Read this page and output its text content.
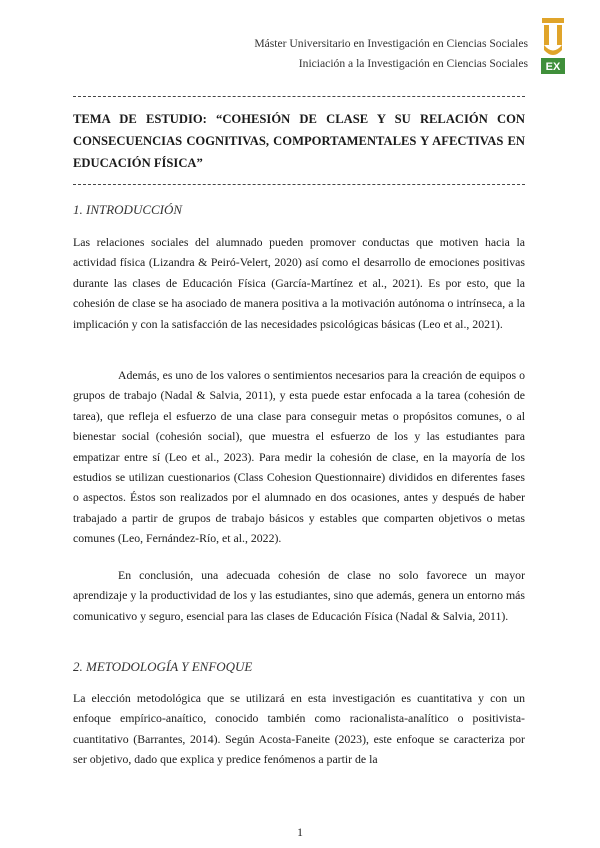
Máster Universitario en Investigación en Ciencias Sociales
Iniciación a la Investigación en Ciencias Sociales EX
TEMA DE ESTUDIO: “COHESIÓN DE CLASE Y SU RELACIÓN CON CONSECUENCIAS COGNITIVAS, COMPORTAMENTALES Y AFECTIVAS EN EDUCACIÓN FÍSICA”
1. INTRODUCCIÓN

Las relaciones sociales del alumnado pueden promover conductas que motiven hacia la actividad física (Lizandra & Peiró-Velert, 2020) así como el desarrollo de emociones positivas durante las clases de Educación Física (García-Martínez et al., 2021). Es por esto, que la cohesión de clase se ha asociado de manera positiva a la motivación autónoma o intrínseca, a la implicación y con la satisfacción de las necesidades psicológicas básicas (Leo et al., 2021).

Además, es uno de los valores o sentimientos necesarios para la creación de equipos o grupos de trabajo (Nadal & Salvia, 2011), y esta puede estar enfocada a la tarea (cohesión de tarea), que refleja el esfuerzo de una clase para conseguir metas o propósitos comunes, o al bienestar social (cohesión social), que muestra el esfuerzo de los y las estudiantes para empatizar entre sí (Leo et al., 2023). Para medir la cohesión de clase, en la mayoría de los estudios se utilizan cuestionarios (Class Cohesion Questionnaire) divididos en diferentes fases o aspectos. Éstos son realizados por el alumnado en dos ocasiones, antes y después de haber trabajado a partir de grupos de trabajo básicos y estables que comparten objetivos o metas comunes (Leo, Fernández-Río, et al., 2022).

En conclusión, una adecuada cohesión de clase no solo favorece un mayor aprendizaje y la productividad de los y las estudiantes, sino que además, genera un entorno más comunicativo y seguro, esencial para las clases de Educación Física (Nadal & Salvia, 2011).

2. METODOLOGÍA Y ENFOQUE

La elección metodológica que se utilizará en esta investigación es cuantitativa y con un enfoque empírico-anaítico, conocido también como racionalista-analítico o positivista-cuantitativo (Barrantes, 2014). Según Acosta-Faneite (2023), este enfoque se caracteriza por ser objetivo, dado que explica y predice fenómenos a partir de la

1
